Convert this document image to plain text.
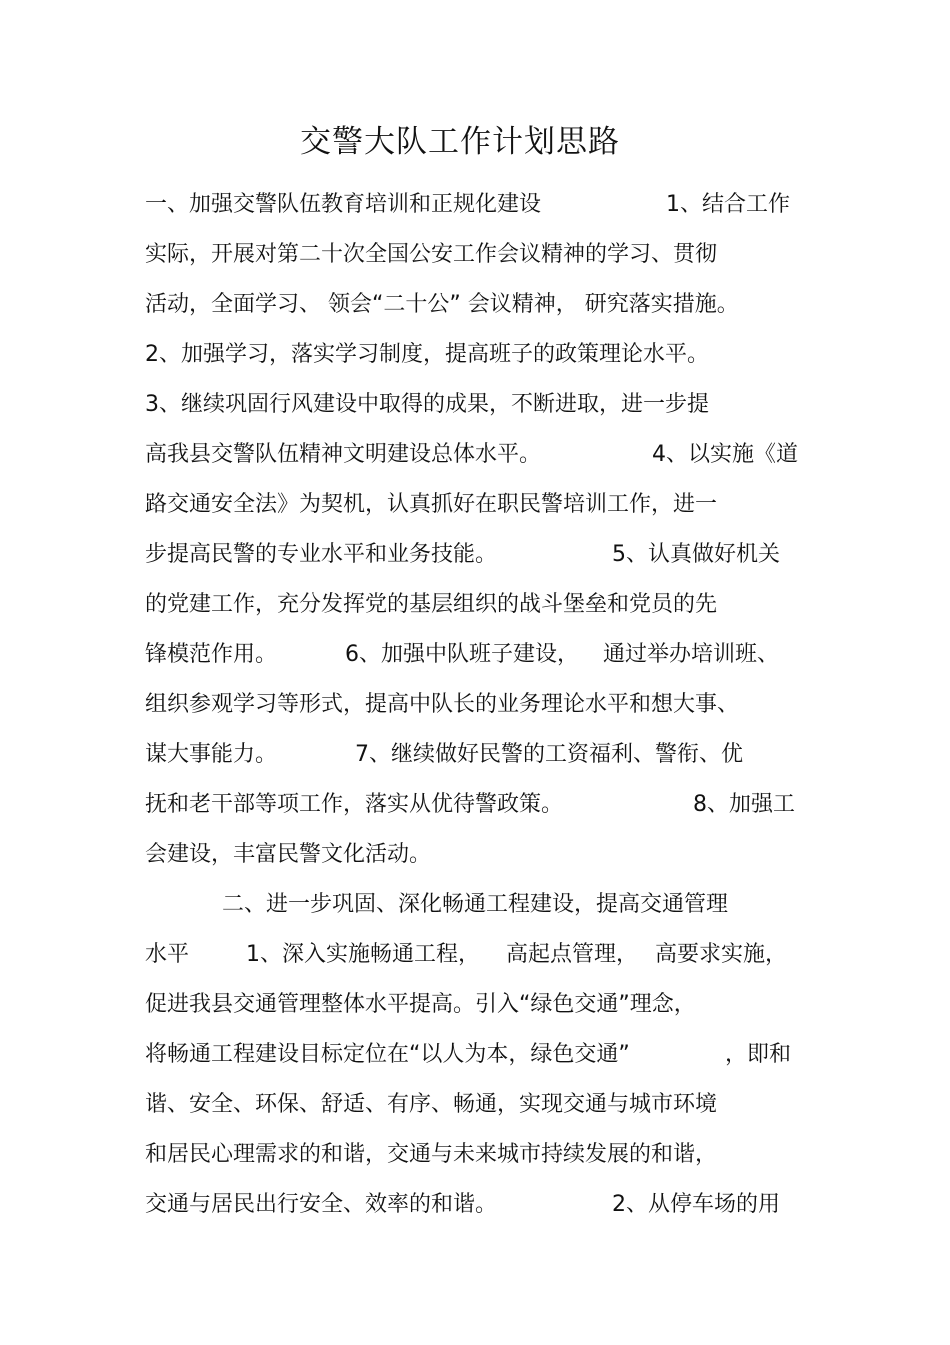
交警大队工作计划思路
一、加强交警队伍教育培训和正规化建设	1、结合工作
实际，开展对第二十次全国公安工作会议精神的学习、贯彻
活动，全面学习、 领会“二十公” 会议精神， 研究落实措施。
2、加强学习，落实学习制度，提高班子的政策理论水平。
3、继续巩固行风建设中取得的成果，不断进取，进一步提
高我县交警队伍精神文明建设总体水平。	4、以实施《道
路交通安全法》为契机，认真抓好在职民警培训工作，进一
步提高民警的专业水平和业务技能。	5、认真做好机关
的党建工作，充分发挥党的基层组织的战斗堡垒和党员的先
锋模范作用。	6、加强中队班子建设， 通过举办培训班、
组织参观学习等形式，提高中队长的业务理论水平和想大事、
谋大事能力。	7、继续做好民警的工资福利、警衔、优
抚和老干部等项工作，落实从优待警政策。	8、加强工
会建设，丰富民警文化活动。
二、进一步巩固、深化畅通工程建设，提高交通管理
水平	1、深入实施畅通工程， 高起点管理， 高要求实施，
促进我县交通管理整体水平提高。引入“绿色交通”理念，
将畅通工程建设目标定位在“以人为本，绿色交通”	，即和
谐、安全、环保、舒适、有序、畅通，实现交通与城市环境
和居民心理需求的和谐，交通与未来城市持续发展的和谐，
交通与居民出行安全、效率的和谐。	2、从停车场的用
